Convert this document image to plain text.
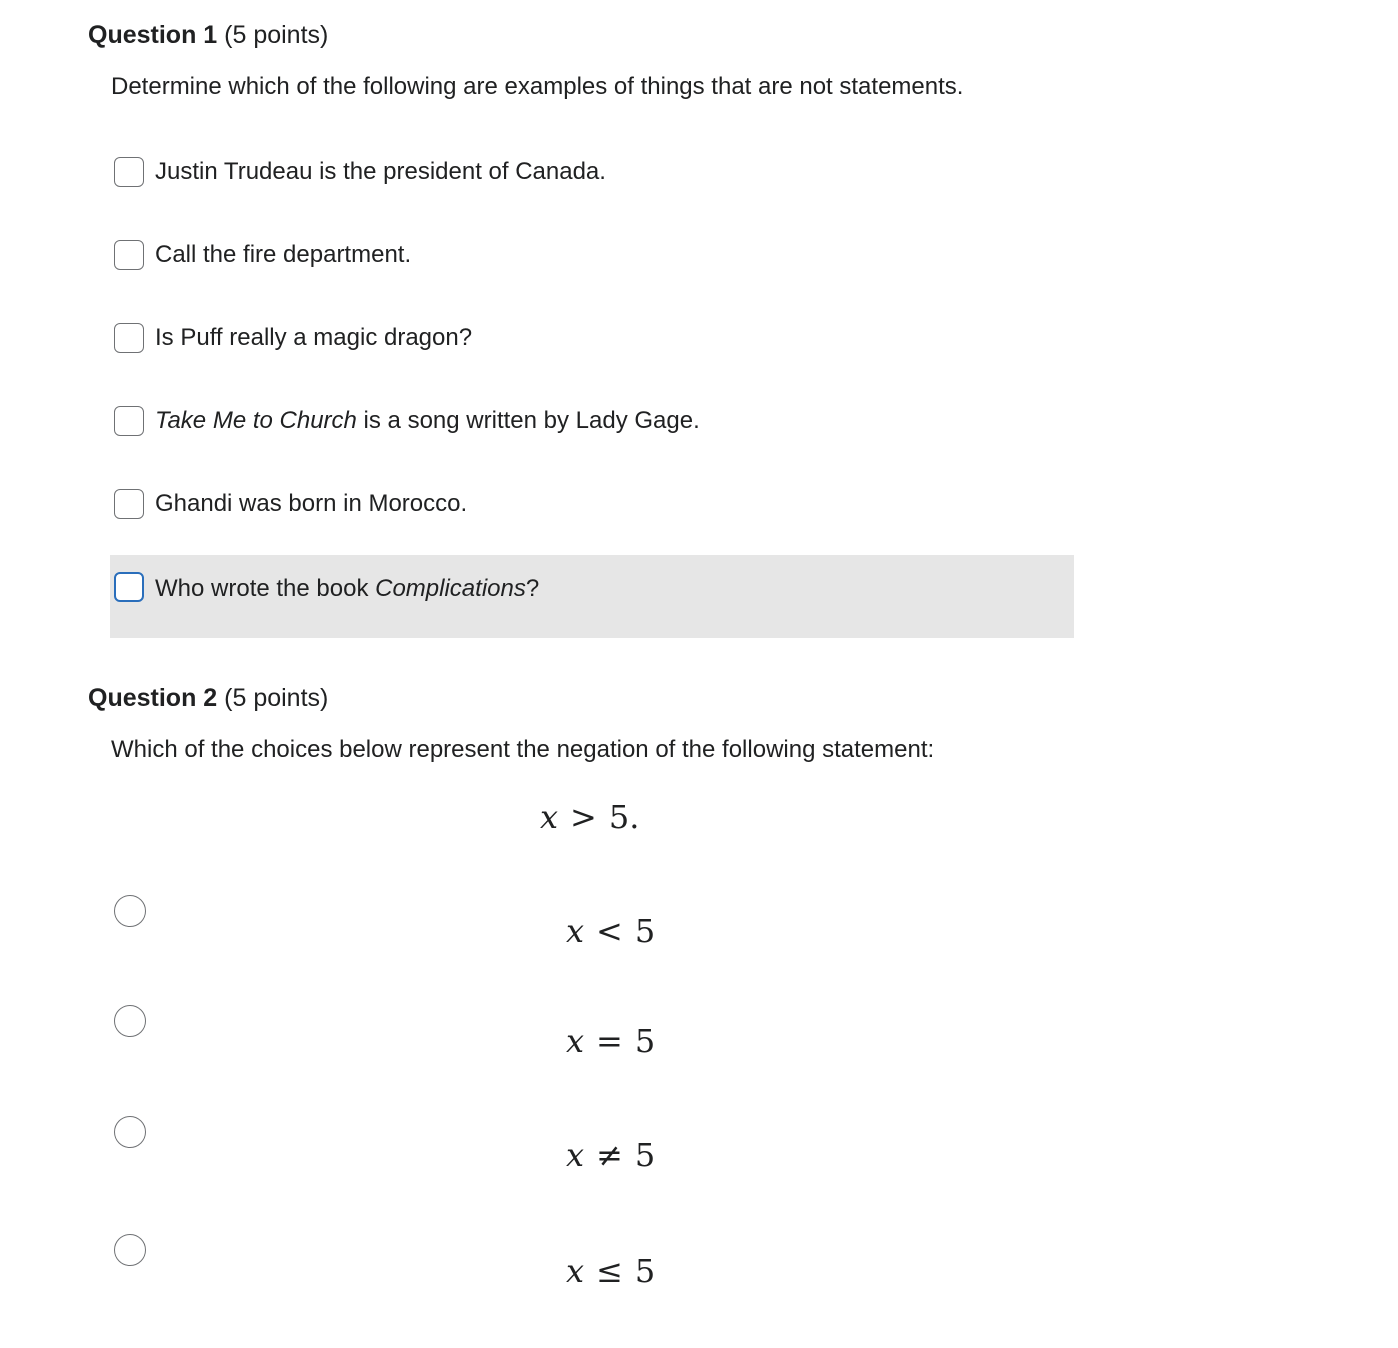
Question 1 (5 points)
Determine which of the following are examples of things that are not statements.
Justin Trudeau is the president of Canada.
Call the fire department.
Is Puff really a magic dragon?
Take Me to Church is a song written by Lady Gage.
Ghandi was born in Morocco.
Who wrote the book Complications?
Question 2 (5 points)
Which of the choices below represent the negation of the following statement:
x > 5.
x < 5
x = 5
x ≠ 5
x ≤ 5
